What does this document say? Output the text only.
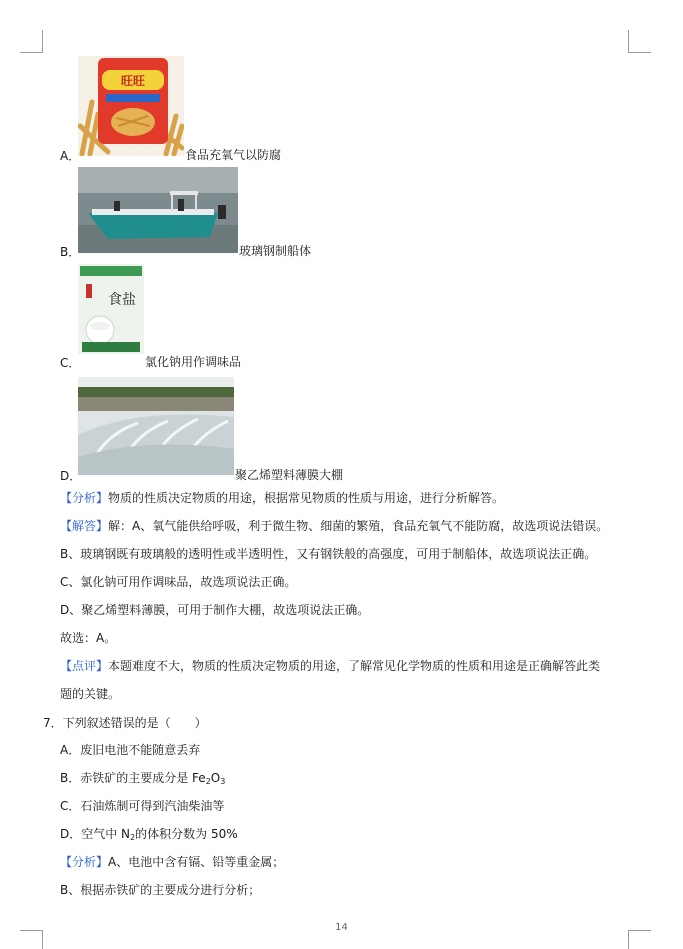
旺旺
A．	食品充氧气以防腐
B．	玻璃钢制船体
食盐
C．	氯化钠用作调味品
D．	聚乙烯塑料薄膜大棚
【分析】物质的性质决定物质的用途，根据常见物质的性质与用途，进行分析解答。
【解答】解：A、氧气能供给呼吸，利于微生物、细菌的繁殖，食品充氧气不能防腐，故选项说法错误。
B、玻璃钢既有玻璃般的透明性或半透明性，又有钢铁般的高强度，可用于制船体，故选项说法正确。
C、氯化钠可用作调味品，故选项说法正确。
D、聚乙烯塑料薄膜，可用于制作大棚，故选项说法正确。
故选：A。
【点评】本题难度不大，物质的性质决定物质的用途，了解常见化学物质的性质和用途是正确解答此类
题的关键。
7．下列叙述错误的是（　　）
A．废旧电池不能随意丢弃
B．赤铁矿的主要成分是 $Fe_2O_3$
C．石油炼制可得到汽油柴油等
D．空气中 $N_2$的体积分数为 50%
【分析】A、电池中含有镉、铅等重金属；
B、根据赤铁矿的主要成分进行分析；
14
